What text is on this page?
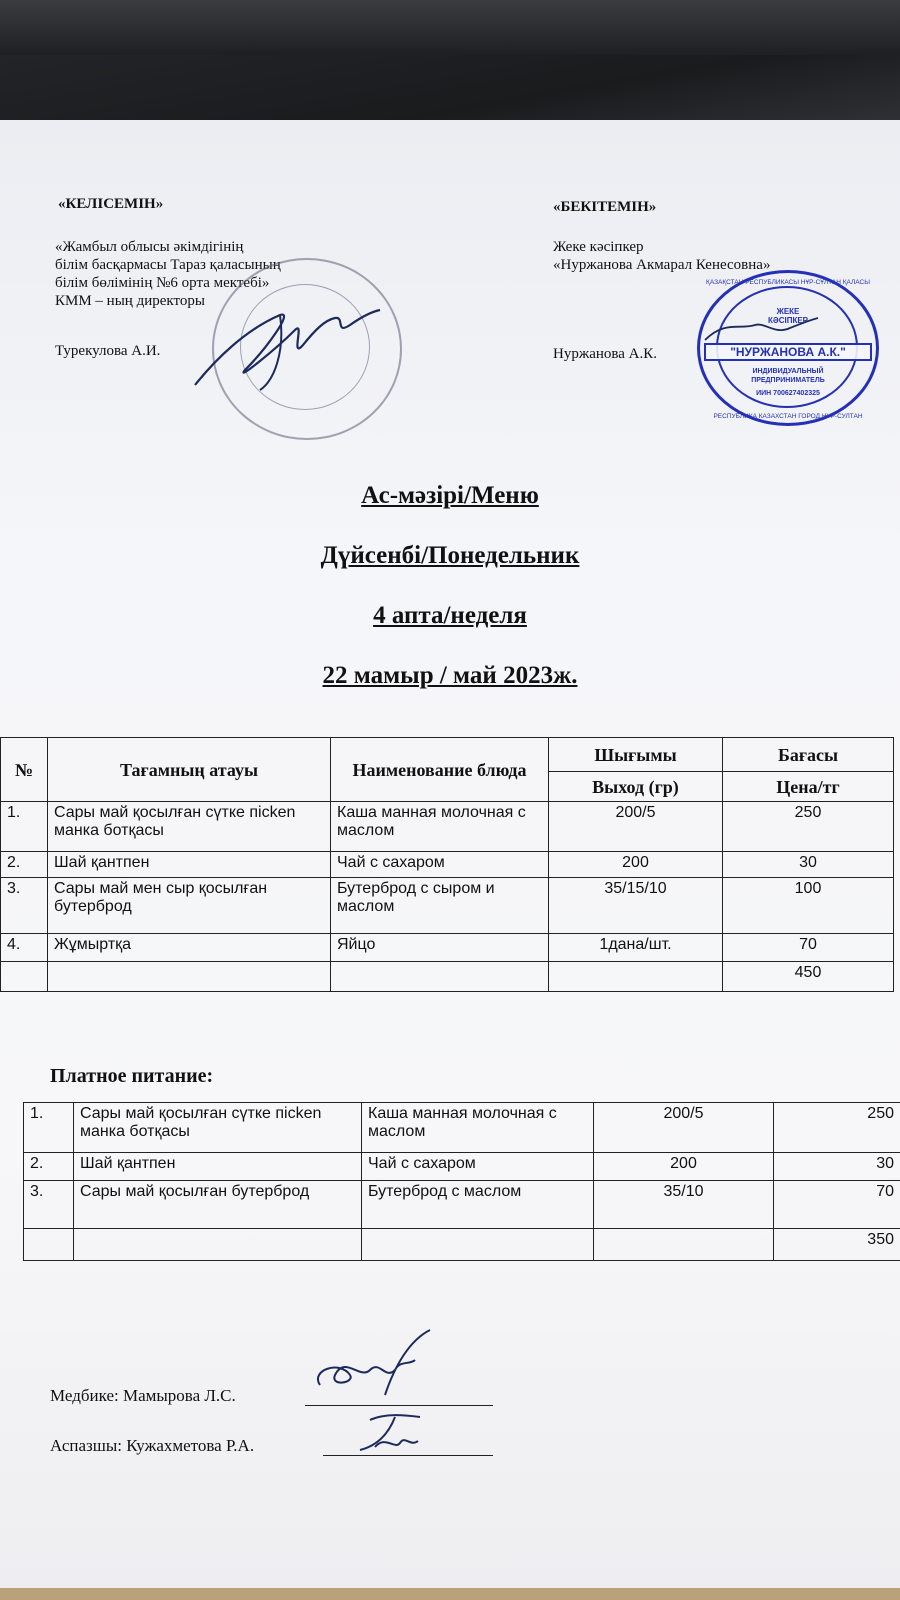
«КЕЛІСЕМІН»
«Жамбыл облысы әкімдігінің
білім басқармасы Тараз қаласының
білім бөлімінің №6 орта мектебі»
КММ – ның директоры
Турекулова А.И.
«БЕКІТЕМІН»
Жеке кәсіпкер
«Нуржанова Акмарал Кенесовна»
Нуржанова А.К.
ЖЕКЕ
КӘСІПКЕР
"НУРЖАНОВА А.К."
ИНДИВИДУАЛЬНЫЙ
ПРЕДПРИНИМАТЕЛЬ
ИИН 700627402325
ҚАЗАҚСТАН РЕСПУБЛИКАСЫ НҰР-СҰЛТАН ҚАЛАСЫ
РЕСПУБЛИКА КАЗАХСТАН ГОРОД НУР-СУЛТАН
Ас-мәзірі/Меню
Дүйсенбі/Понедельник
4 апта/неделя
22 мамыр / май 2023ж.
№	Тағамның атауы	Наименование блюда	Шығымы	Бағасы
			Выход (гр)	Цена/тг
1.	Сары май қосылған сүтке пісken манка ботқасы	Каша манная молочная с маслом	200/5	250
2.	Шай қантпен	Чай с сахаром	200	30
3.	Сары май мен сыр қосылған бутерброд	Бутерброд с сыром и маслом	35/15/10	100
4.	Жұмыртқа	Яйцо	1дана/шт.	70
				450
Платное питание:
1.	Сары май қосылған сүтке пісken манка ботқасы	Каша манная молочная с маслом	200/5	250
2.	Шай қантпен	Чай с сахаром	200	30
3.	Сары май қосылған бутерброд	Бутерброд с маслом	35/10	70
				350
Медбике: Мамырова Л.С.
Аспазшы: Кужахметова Р.А.
